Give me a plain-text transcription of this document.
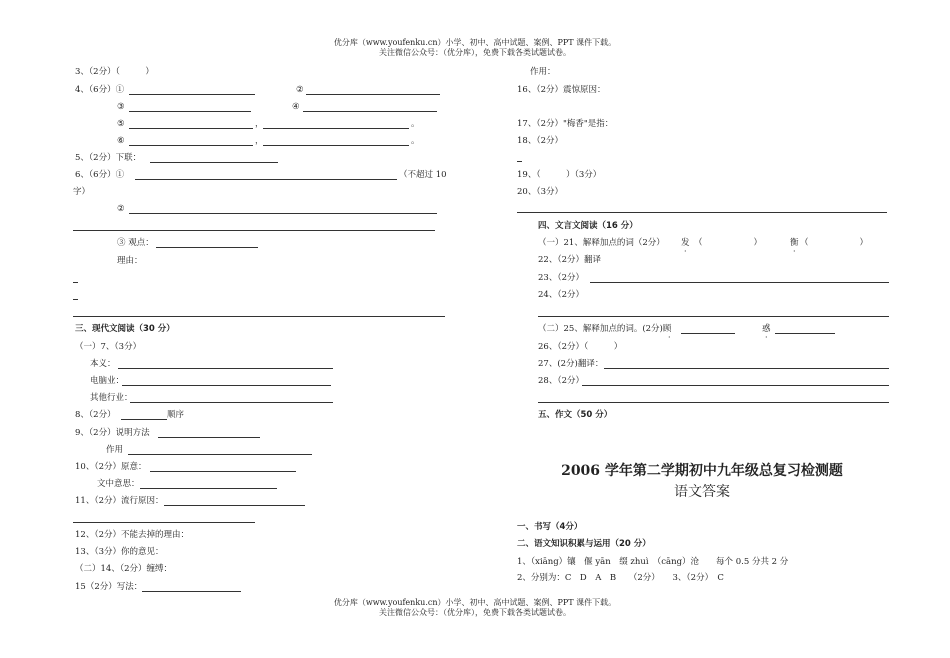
优分库（www.youfenku.cn）小学、初中、高中试题、案例、PPT 课件下载。
关注微信公众号：（优分库），免费下载各类试题试卷。
3、（2分）（　　　）
4、（6分）①	②
③	④
⑤	，	。
⑥	，	。
5、（2分）下联：
6、（6分）①	（不超过 10
字）
②
③ 观点：
理由：
三、现代文阅读（30 分）
（一）7、（3分）
本义：
电脑业：
其他行业：
8、（2分）	顺序
9、（2分）说明方法
作用
10、（2分）原意：
文中意思：
11、（2分）流行原因：
12、（2分）不能去掉的理由：
13、（3分）你的意见：
（二）14、（2分）缠缚：
15（2分）写法：
作用：
16、（2分）震惊原因：
17、（2分）"梅香"是指：
18、（2分）
19、（　　　）（3分）
20、（3分）
四、文言文阅读（16 分）
（一）21、解释加点的词（2分） 发
·
（　　　　　　）	衡
·
（　　　　　　）
22、（2分）翻译
23、（2分）
24、（2分）
（二）25、解释加点的词。(2分)顾
·
惑
·
26、（2分）（　　　）
27、(2分)翻译：
28、（2分）
五、作文（50 分）
2006 学年第二学期初中九年级总复习检测题
语文答案
一、书写（4分）
二、语文知识积累与运用（20 分）
1、（xiāng）镶　偃 yān　缀 zhuì　（cāng）沧　　每个 0.5 分共 2 分
2、分别为：C　D　A　B　　（2分）　　3、（2分）　C
优分库（www.youfenku.cn）小学、初中、高中试题、案例、PPT 课件下载。
关注微信公众号：（优分库），免费下载各类试题试卷。
